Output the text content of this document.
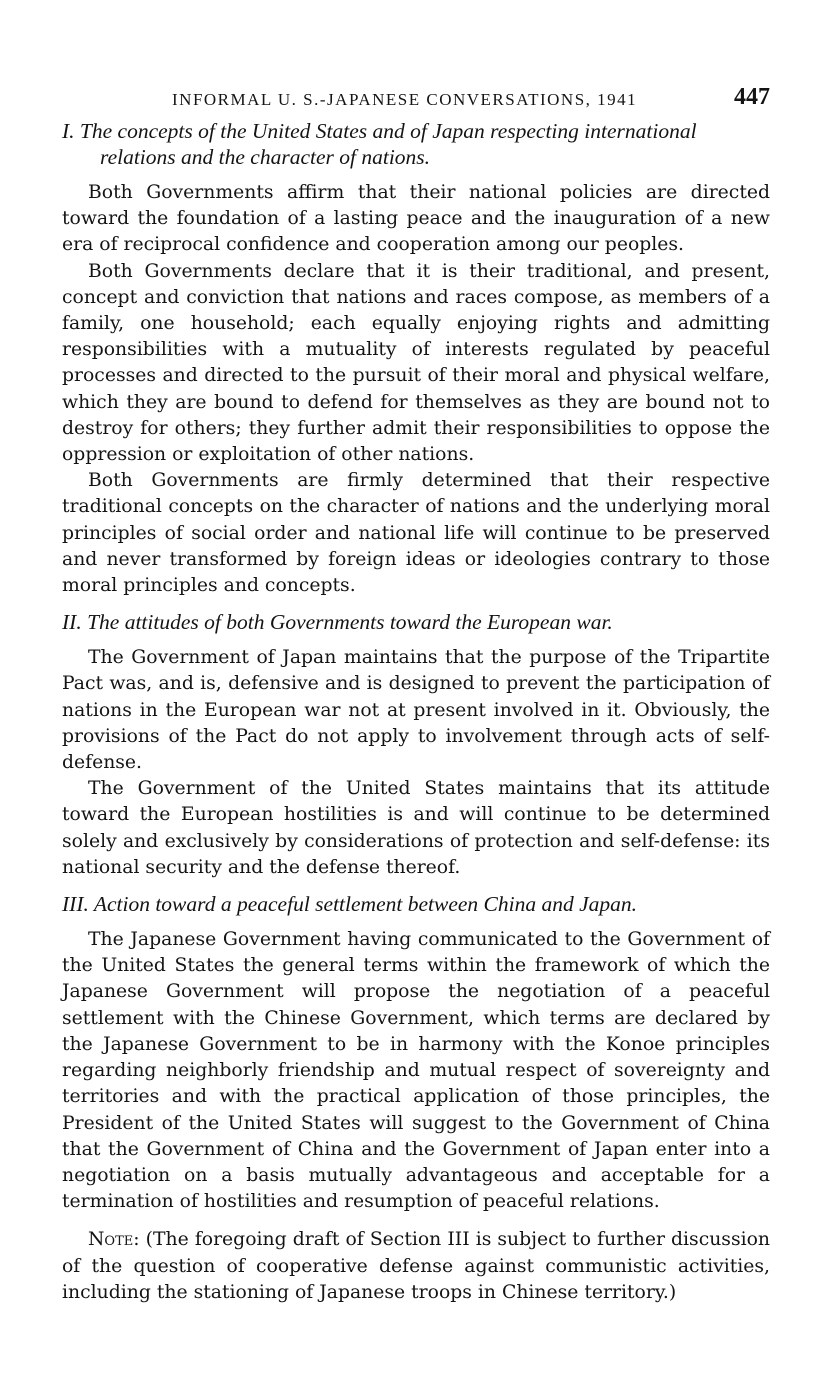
INFORMAL U. S.-JAPANESE CONVERSATIONS, 1941	447
I. The concepts of the United States and of Japan respecting international relations and the character of nations.

Both Governments affirm that their national policies are directed toward the foundation of a lasting peace and the inauguration of a new era of reciprocal confidence and cooperation among our peoples.

Both Governments declare that it is their traditional, and present, concept and conviction that nations and races compose, as members of a family, one household; each equally enjoying rights and admitting responsibilities with a mutuality of interests regulated by peaceful processes and directed to the pursuit of their moral and physical welfare, which they are bound to defend for themselves as they are bound not to destroy for others; they further admit their responsibilities to oppose the oppression or exploitation of other nations.

Both Governments are firmly determined that their respective traditional concepts on the character of nations and the underlying moral principles of social order and national life will continue to be preserved and never transformed by foreign ideas or ideologies contrary to those moral principles and concepts.

II. The attitudes of both Governments toward the European war.

The Government of Japan maintains that the purpose of the Tripartite Pact was, and is, defensive and is designed to prevent the participation of nations in the European war not at present involved in it. Obviously, the provisions of the Pact do not apply to involvement through acts of self-defense.

The Government of the United States maintains that its attitude toward the European hostilities is and will continue to be determined solely and exclusively by considerations of protection and self-defense: its national security and the defense thereof.

III. Action toward a peaceful settlement between China and Japan.

The Japanese Government having communicated to the Government of the United States the general terms within the framework of which the Japanese Government will propose the negotiation of a peaceful settlement with the Chinese Government, which terms are declared by the Japanese Government to be in harmony with the Konoe principles regarding neighborly friendship and mutual respect of sovereignty and territories and with the practical application of those principles, the President of the United States will suggest to the Government of China that the Government of China and the Government of Japan enter into a negotiation on a basis mutually advantageous and acceptable for a termination of hostilities and resumption of peaceful relations.

Note: (The foregoing draft of Section III is subject to further discussion of the question of cooperative defense against communistic activities, including the stationing of Japanese troops in Chinese territory.)
